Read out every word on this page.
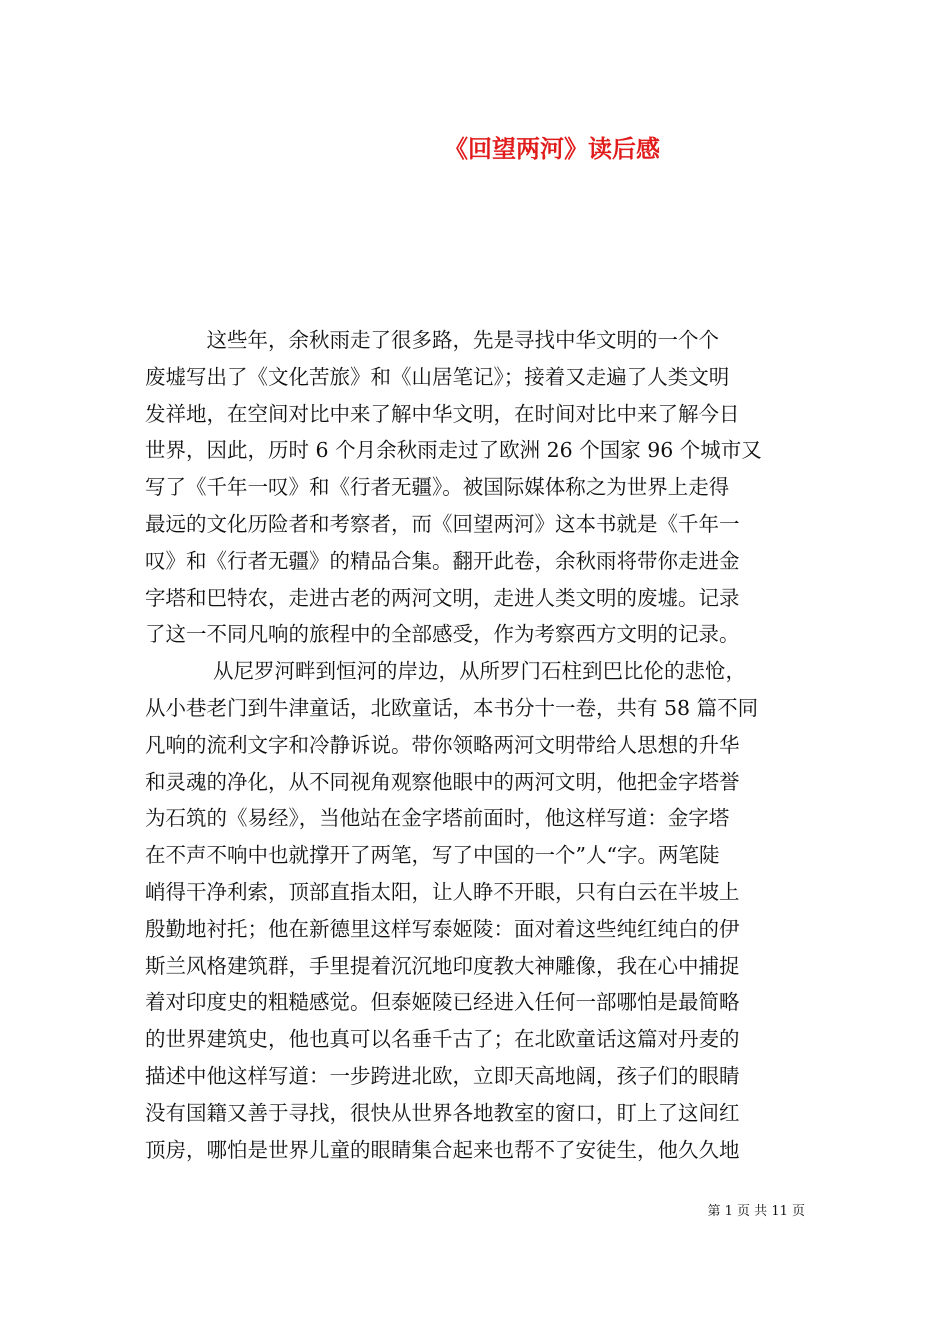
《回望两河》读后感
　　　这些年，余秋雨走了很多路，先是寻找中华文明的一个个
废墟写出了《文化苦旅》和《山居笔记》；接着又走遍了人类文明
发祥地，在空间对比中来了解中华文明，在时间对比中来了解今日
世界，因此，历时 6 个月余秋雨走过了欧洲 26 个国家 96 个城市又
写了《千年一叹》和《行者无疆》。被国际媒体称之为世界上走得
最远的文化历险者和考察者，而《回望两河》这本书就是《千年一
叹》和《行者无疆》的精品合集。翻开此卷，余秋雨将带你走进金
字塔和巴特农，走进古老的两河文明，走进人类文明的废墟。记录
了这一不同凡响的旅程中的全部感受，作为考察西方文明的记录。
　　　 从尼罗河畔到恒河的岸边，从所罗门石柱到巴比伦的悲怆，
从小巷老门到牛津童话，北欧童话，本书分十一卷，共有 58 篇不同
凡响的流利文字和冷静诉说。带你领略两河文明带给人思想的升华
和灵魂的净化，从不同视角观察他眼中的两河文明，他把金字塔誉
为石筑的《易经》，当他站在金字塔前面时，他这样写道：金字塔
在不声不响中也就撑开了两笔，写了中国的一个”人“字。两笔陡
峭得干净利索，顶部直指太阳，让人睁不开眼，只有白云在半坡上
殷勤地衬托；他在新德里这样写泰姬陵：面对着这些纯红纯白的伊
斯兰风格建筑群，手里提着沉沉地印度教大神雕像，我在心中捕捉
着对印度史的粗糙感觉。但泰姬陵已经进入任何一部哪怕是最简略
的世界建筑史，他也真可以名垂千古了；在北欧童话这篇对丹麦的
描述中他这样写道：一步跨进北欧，立即天高地阔，孩子们的眼睛
没有国籍又善于寻找，很快从世界各地教室的窗口，盯上了这间红
顶房，哪怕是世界儿童的眼睛集合起来也帮不了安徒生，他久久地
第 1 页 共 11 页
